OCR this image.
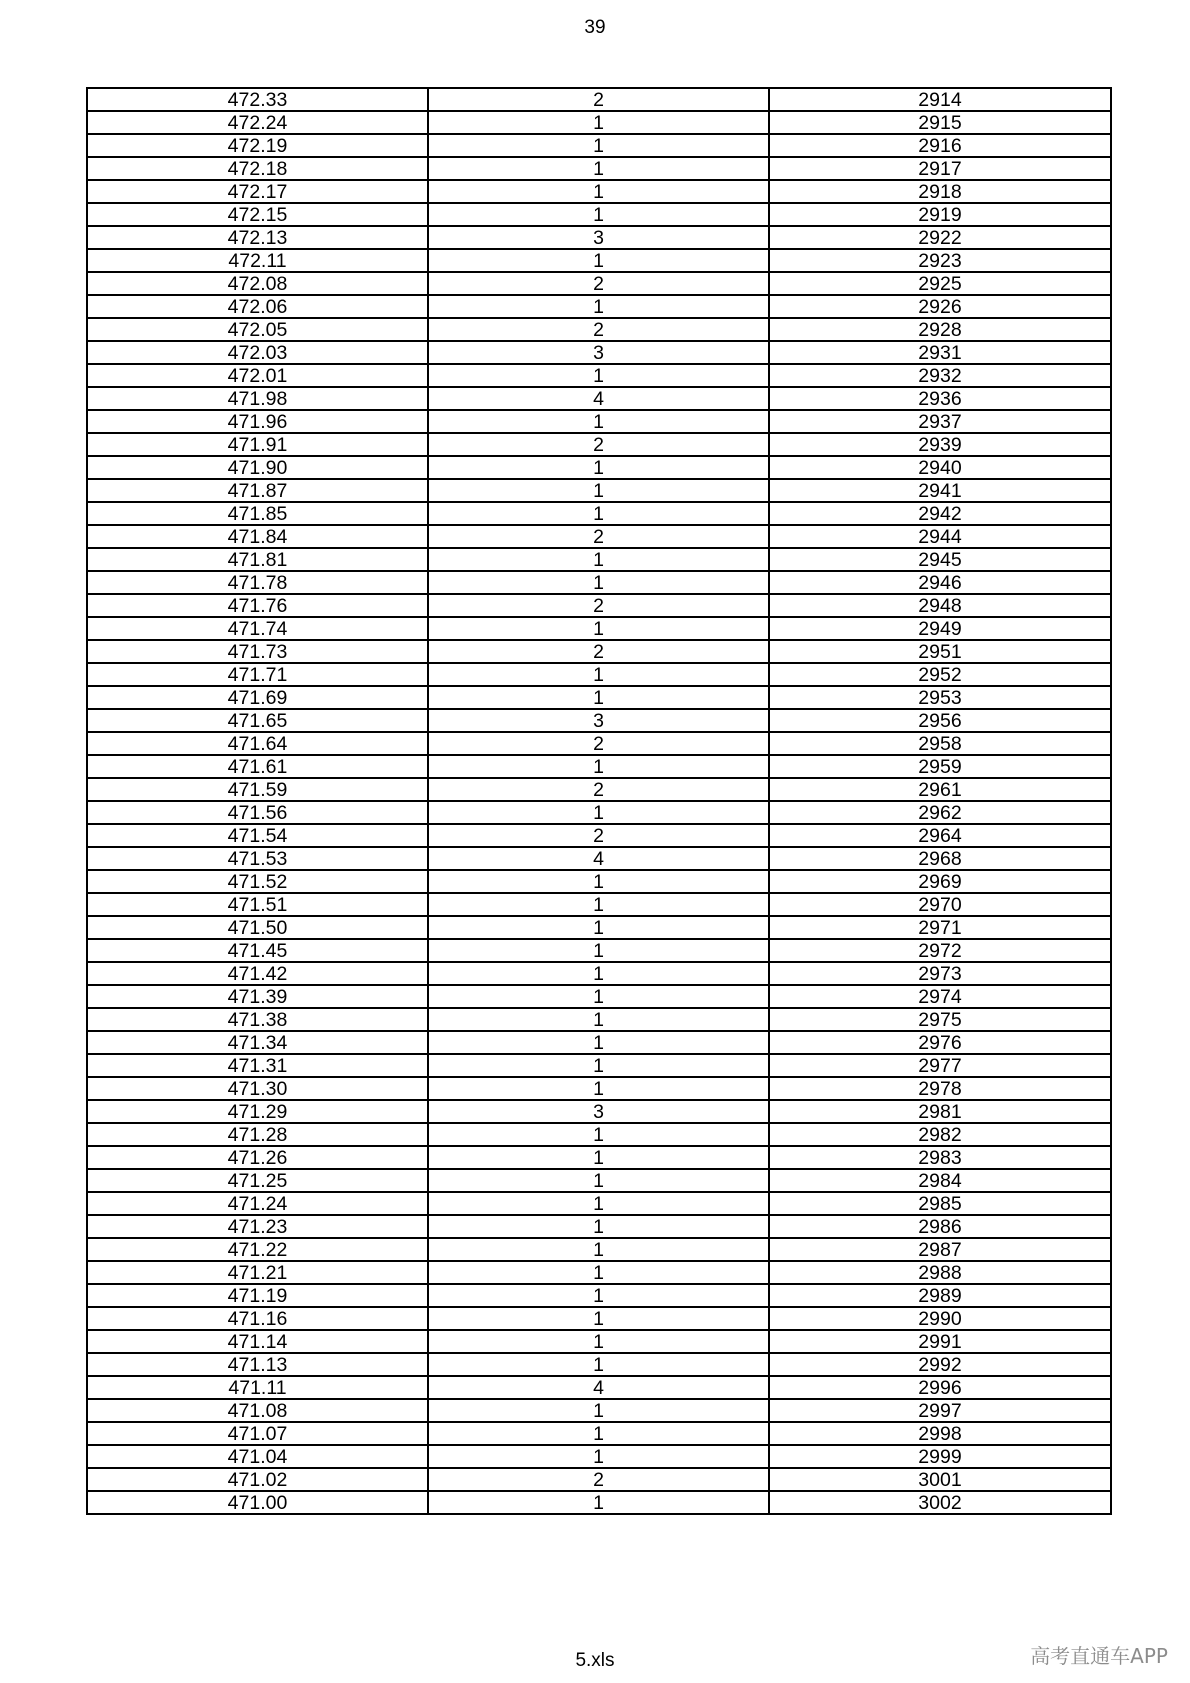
39
472.33	2	2914
472.24	1	2915
472.19	1	2916
472.18	1	2917
472.17	1	2918
472.15	1	2919
472.13	3	2922
472.11	1	2923
472.08	2	2925
472.06	1	2926
472.05	2	2928
472.03	3	2931
472.01	1	2932
471.98	4	2936
471.96	1	2937
471.91	2	2939
471.90	1	2940
471.87	1	2941
471.85	1	2942
471.84	2	2944
471.81	1	2945
471.78	1	2946
471.76	2	2948
471.74	1	2949
471.73	2	2951
471.71	1	2952
471.69	1	2953
471.65	3	2956
471.64	2	2958
471.61	1	2959
471.59	2	2961
471.56	1	2962
471.54	2	2964
471.53	4	2968
471.52	1	2969
471.51	1	2970
471.50	1	2971
471.45	1	2972
471.42	1	2973
471.39	1	2974
471.38	1	2975
471.34	1	2976
471.31	1	2977
471.30	1	2978
471.29	3	2981
471.28	1	2982
471.26	1	2983
471.25	1	2984
471.24	1	2985
471.23	1	2986
471.22	1	2987
471.21	1	2988
471.19	1	2989
471.16	1	2990
471.14	1	2991
471.13	1	2992
471.11	4	2996
471.08	1	2997
471.07	1	2998
471.04	1	2999
471.02	2	3001
471.00	1	3002
5.xls	高考直通车APP
